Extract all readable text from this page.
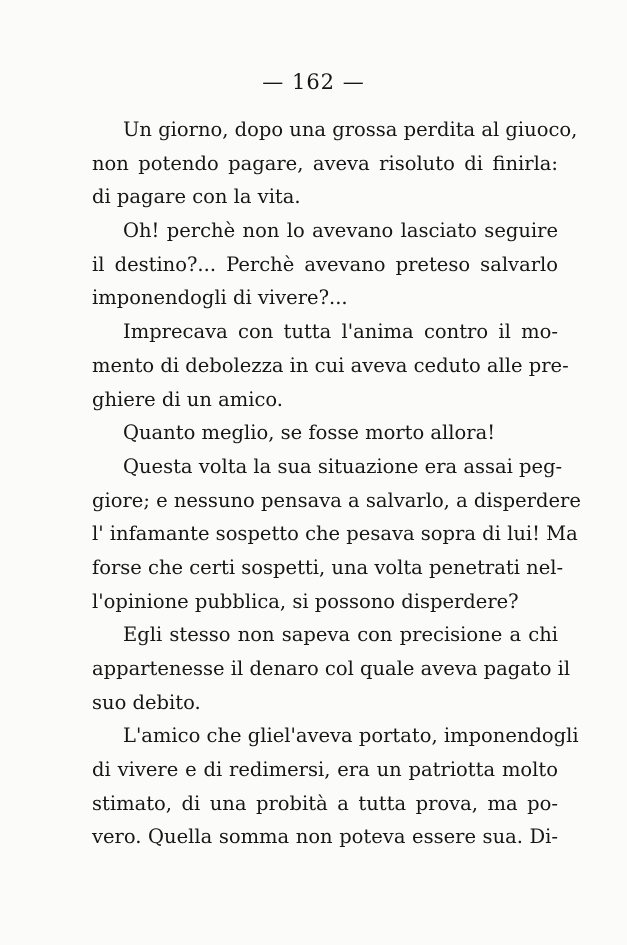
— 162 —
Un giorno, dopo una grossa perdita al giuoco,
non potendo pagare, aveva risoluto di finirla:
di pagare con la vita.
Oh! perchè non lo avevano lasciato seguire
il destino?... Perchè avevano preteso salvarlo
imponendogli di vivere?...
Imprecava con tutta l'anima contro il mo-
mento di debolezza in cui aveva ceduto alle pre-
ghiere di un amico.
Quanto meglio, se fosse morto allora!
Questa volta la sua situazione era assai peg-
giore; e nessuno pensava a salvarlo, a disperdere
l' infamante sospetto che pesava sopra di lui! Ma
forse che certi sospetti, una volta penetrati nel-
l'opinione pubblica, si possono disperdere?
Egli stesso non sapeva con precisione a chi
appartenesse il denaro col quale aveva pagato il
suo debito.
L'amico che gliel'aveva portato, imponendogli
di vivere e di redimersi, era un patriotta molto
stimato, di una probità a tutta prova, ma po-
vero. Quella somma non poteva essere sua. Di-
